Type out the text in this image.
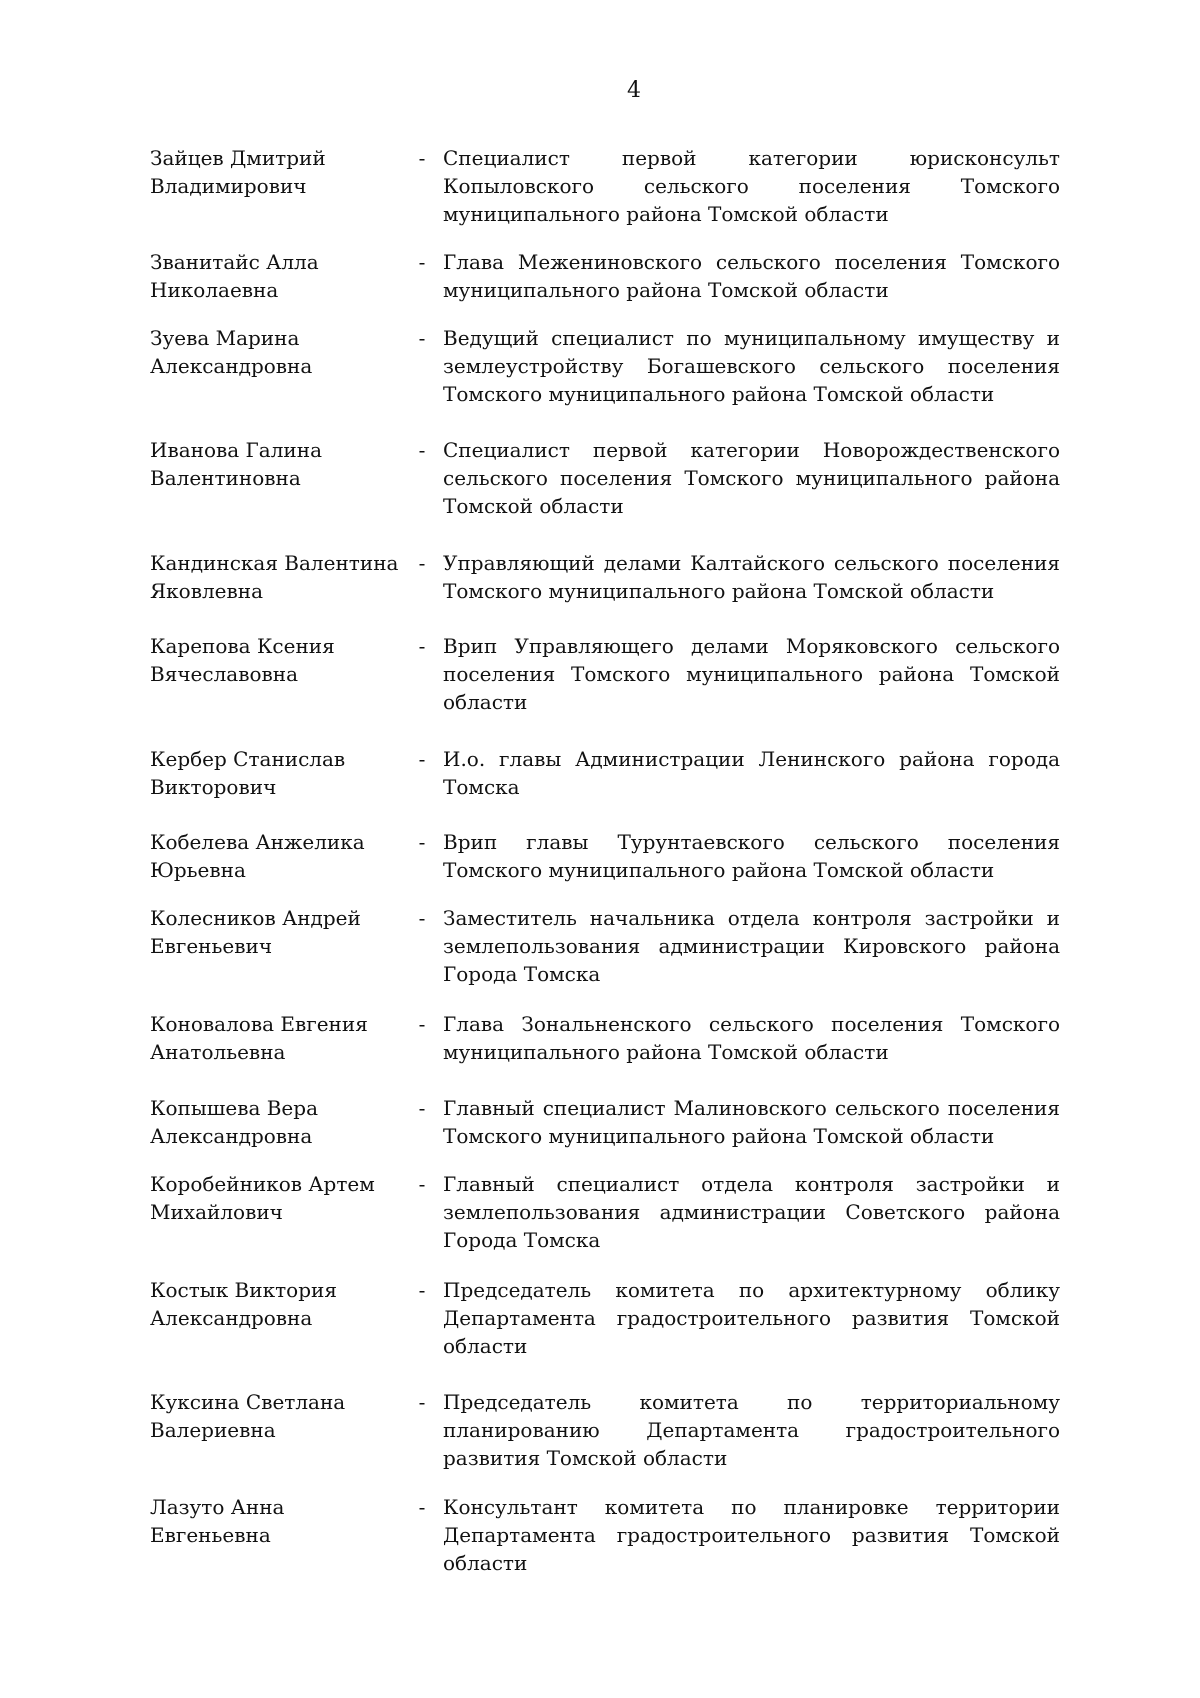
4
Зайцев Дмитрий
Владимирович
- Специалист первой категории юрисконсульт Копыловского сельского поселения Томского муниципального района Томской области
Званитайс Алла
Николаевна
- Глава Межениновского сельского поселения Томского муниципального района Томской области
Зуева Марина
Александровна
- Ведущий специалист по муниципальному имуществу и землеустройству Богашевского сельского поселения Томского муниципального района Томской области
Иванова Галина
Валентиновна
- Специалист первой категории Новорождественского сельского поселения Томского муниципального района Томской области
Кандинская Валентина
Яковлевна
- Управляющий делами Калтайского сельского поселения Томского муниципального района Томской области
Карепова Ксения
Вячеславовна
- Врип Управляющего делами Моряковского сельского поселения Томского муниципального района Томской области
Кербер Станислав
Викторович
- И.о. главы Администрации Ленинского района города Томска
Кобелева Анжелика
Юрьевна
- Врип главы Турунтаевского сельского поселения Томского муниципального района Томской области
Колесников Андрей
Евгеньевич
- Заместитель начальника отдела контроля застройки и землепользования администрации Кировского района Города Томска
Коновалова Евгения
Анатольевна
- Глава Зональненского сельского поселения Томского муниципального района Томской области
Копышева Вера
Александровна
- Главный специалист Малиновского сельского поселения Томского муниципального района Томской области
Коробейников Артем
Михайлович
- Главный специалист отдела контроля застройки и землепользования администрации Советского района Города Томска
Костык Виктория
Александровна
- Председатель комитета по архитектурному облику Департамента градостроительного развития Томской области
Куксина Светлана
Валериевна
- Председатель комитета по территориальному планированию Департамента градостроительного развития Томской области
Лазуто Анна
Евгеньевна
- Консультант комитета по планировке территории Департамента градостроительного развития Томской области
